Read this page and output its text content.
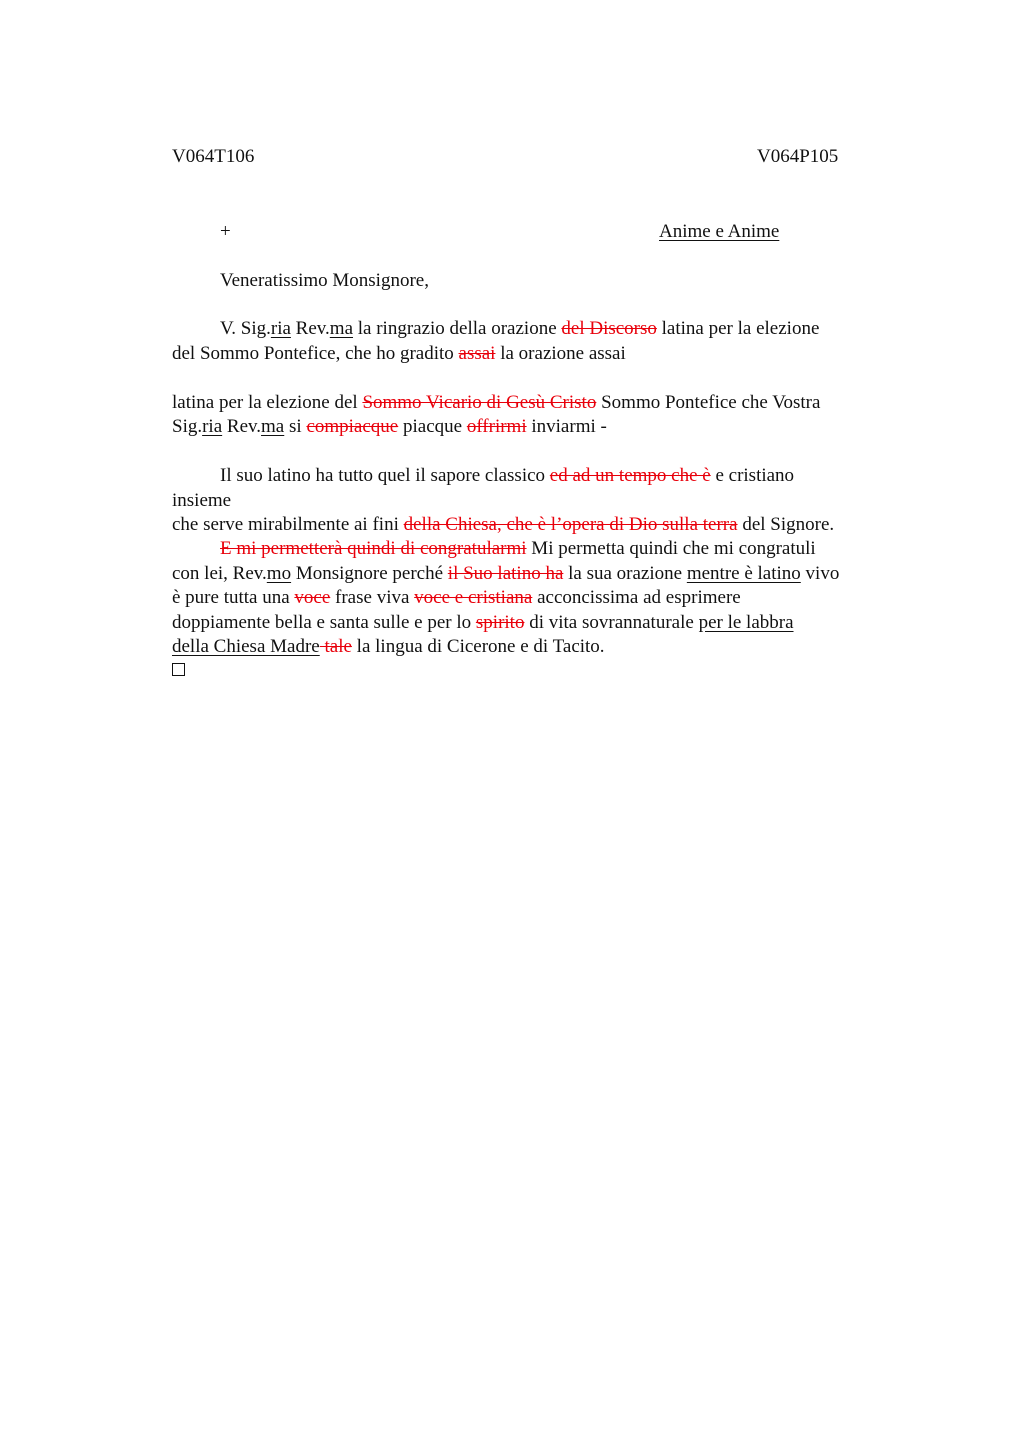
V064T106	V064P105
+	Anime e Anime
Veneratissimo Monsignore,
V. Sig.ria Rev.ma la ringrazio della orazione del Discorso latina per la elezione
del Sommo Pontefice, che ho gradito assai la orazione assai
latina per la elezione del Sommo Vicario di Gesù Cristo Sommo Pontefice che Vostra
Sig.ria Rev.ma si compiacque piacque offrirmi inviarmi -
Il suo latino ha tutto quel il sapore classico ed ad un tempo che è e cristiano
insieme
che serve mirabilmente ai fini della Chiesa, che è l’opera di Dio sulla terra del Signore.
E mi permetterà quindi di congratularmi Mi permetta quindi che mi congratuli
con lei, Rev.mo Monsignore perché il Suo latino ha la sua orazione mentre è latino vivo
è pure tutta una voce frase viva voce e cristiana acconcissima ad esprimere
doppiamente bella e santa sulle e per lo spirito di vita sovrannaturale per le labbra
della Chiesa Madre tale la lingua di Cicerone e di Tacito.
